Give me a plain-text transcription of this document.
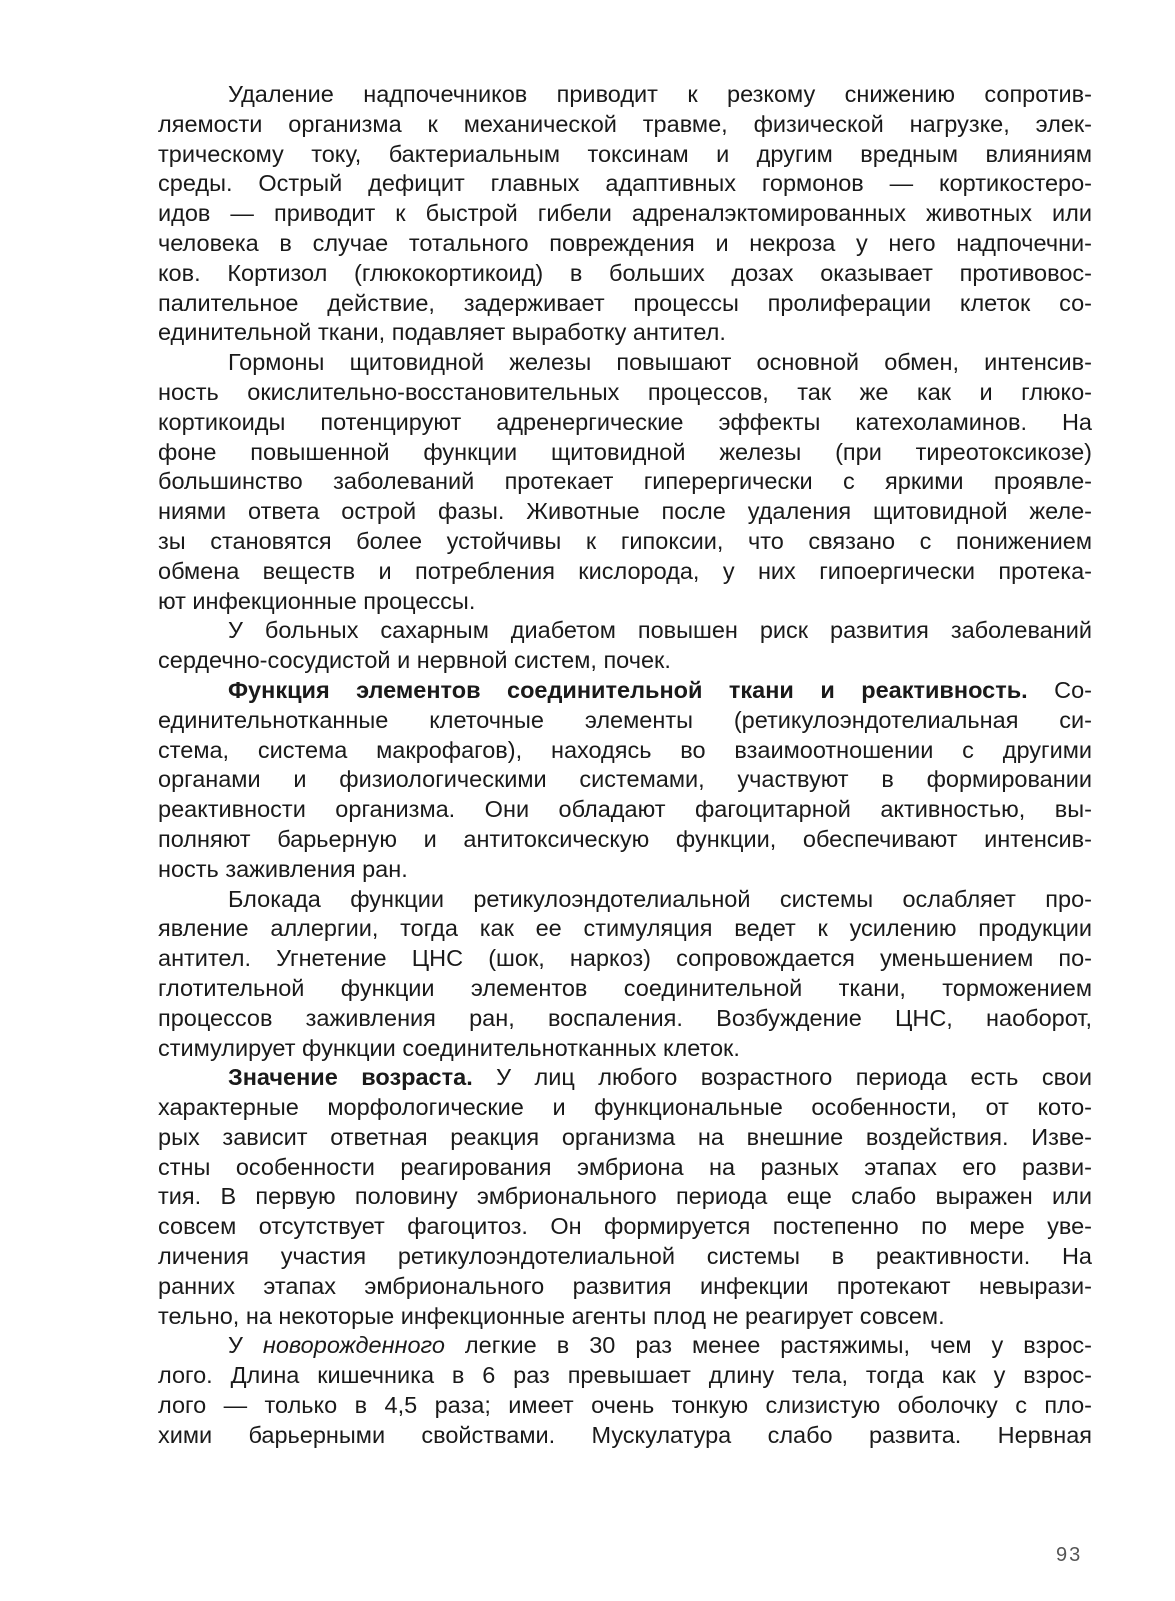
Удаление надпочечников приводит к резкому снижению сопротив-
ляемости организма к механической травме, физической нагрузке, элек-
трическому току, бактериальным токсинам и другим вредным влияниям
среды. Острый дефицит главных адаптивных гормонов — кортикостеро-
идов — приводит к быстрой гибели адреналэктомированных животных или
человека в случае тотального повреждения и некроза у него надпочечни-
ков. Кортизол (глюкокортикоид) в больших дозах оказывает противовос-
палительное действие, задерживает процессы пролиферации клеток со-
единительной ткани, подавляет выработку антител.
Гормоны щитовидной железы повышают основной обмен, интенсив-
ность окислительно-восстановительных процессов, так же как и глюко-
кортикоиды потенцируют адренергические эффекты катехоламинов. На
фоне повышенной функции щитовидной железы (при тиреотоксикозе)
большинство заболеваний протекает гиперергически с яркими проявле-
ниями ответа острой фазы. Животные после удаления щитовидной желе-
зы становятся более устойчивы к гипоксии, что связано с понижением
обмена веществ и потребления кислорода, у них гипоергически протека-
ют инфекционные процессы.
У больных сахарным диабетом повышен риск развития заболеваний
сердечно-сосудистой и нервной систем, почек.
Функция элементов соединительной ткани и реактивность. Со-
единительнотканные клеточные элементы (ретикулоэндотелиальная си-
стема, система макрофагов), находясь во взаимоотношении с другими
органами и физиологическими системами, участвуют в формировании
реактивности организма. Они обладают фагоцитарной активностью, вы-
полняют барьерную и антитоксическую функции, обеспечивают интенсив-
ность заживления ран.
Блокада функции ретикулоэндотелиальной системы ослабляет про-
явление аллергии, тогда как ее стимуляция ведет к усилению продукции
антител. Угнетение ЦНС (шок, наркоз) сопровождается уменьшением по-
глотительной функции элементов соединительной ткани, торможением
процессов заживления ран, воспаления. Возбуждение ЦНС, наоборот,
стимулирует функции соединительнотканных клеток.
Значение возраста. У лиц любого возрастного периода есть свои
характерные морфологические и функциональные особенности, от кото-
рых зависит ответная реакция организма на внешние воздействия. Изве-
стны особенности реагирования эмбриона на разных этапах его разви-
тия. В первую половину эмбрионального периода еще слабо выражен или
совсем отсутствует фагоцитоз. Он формируется постепенно по мере уве-
личения участия ретикулоэндотелиальной системы в реактивности. На
ранних этапах эмбрионального развития инфекции протекают невырази-
тельно, на некоторые инфекционные агенты плод не реагирует совсем.
У новорожденного легкие в 30 раз менее растяжимы, чем у взрос-
лого. Длина кишечника в 6 раз превышает длину тела, тогда как у взрос-
лого — только в 4,5 раза; имеет очень тонкую слизистую оболочку с пло-
хими барьерными свойствами. Мускулатура слабо развита. Нервная
93
